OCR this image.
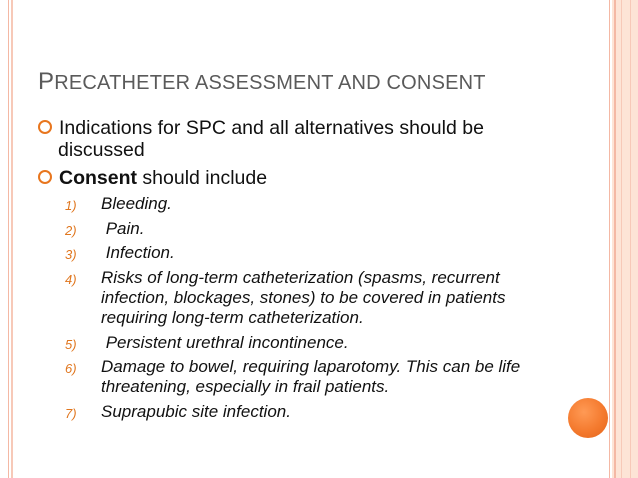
PRECATHETER ASSESSMENT AND CONSENT
Indications for SPC and all alternatives should be
discussed
Consent should include
1) Bleeding.
2) Pain.
3) Infection.
4) Risks of long-term catheterization (spasms, recurrent infection, blockages, stones) to be covered in patients requiring long-term catheterization.
5) Persistent urethral incontinence.
6) Damage to bowel, requiring laparotomy. This can be life threatening, especially in frail patients.
7) Suprapubic site infection.
